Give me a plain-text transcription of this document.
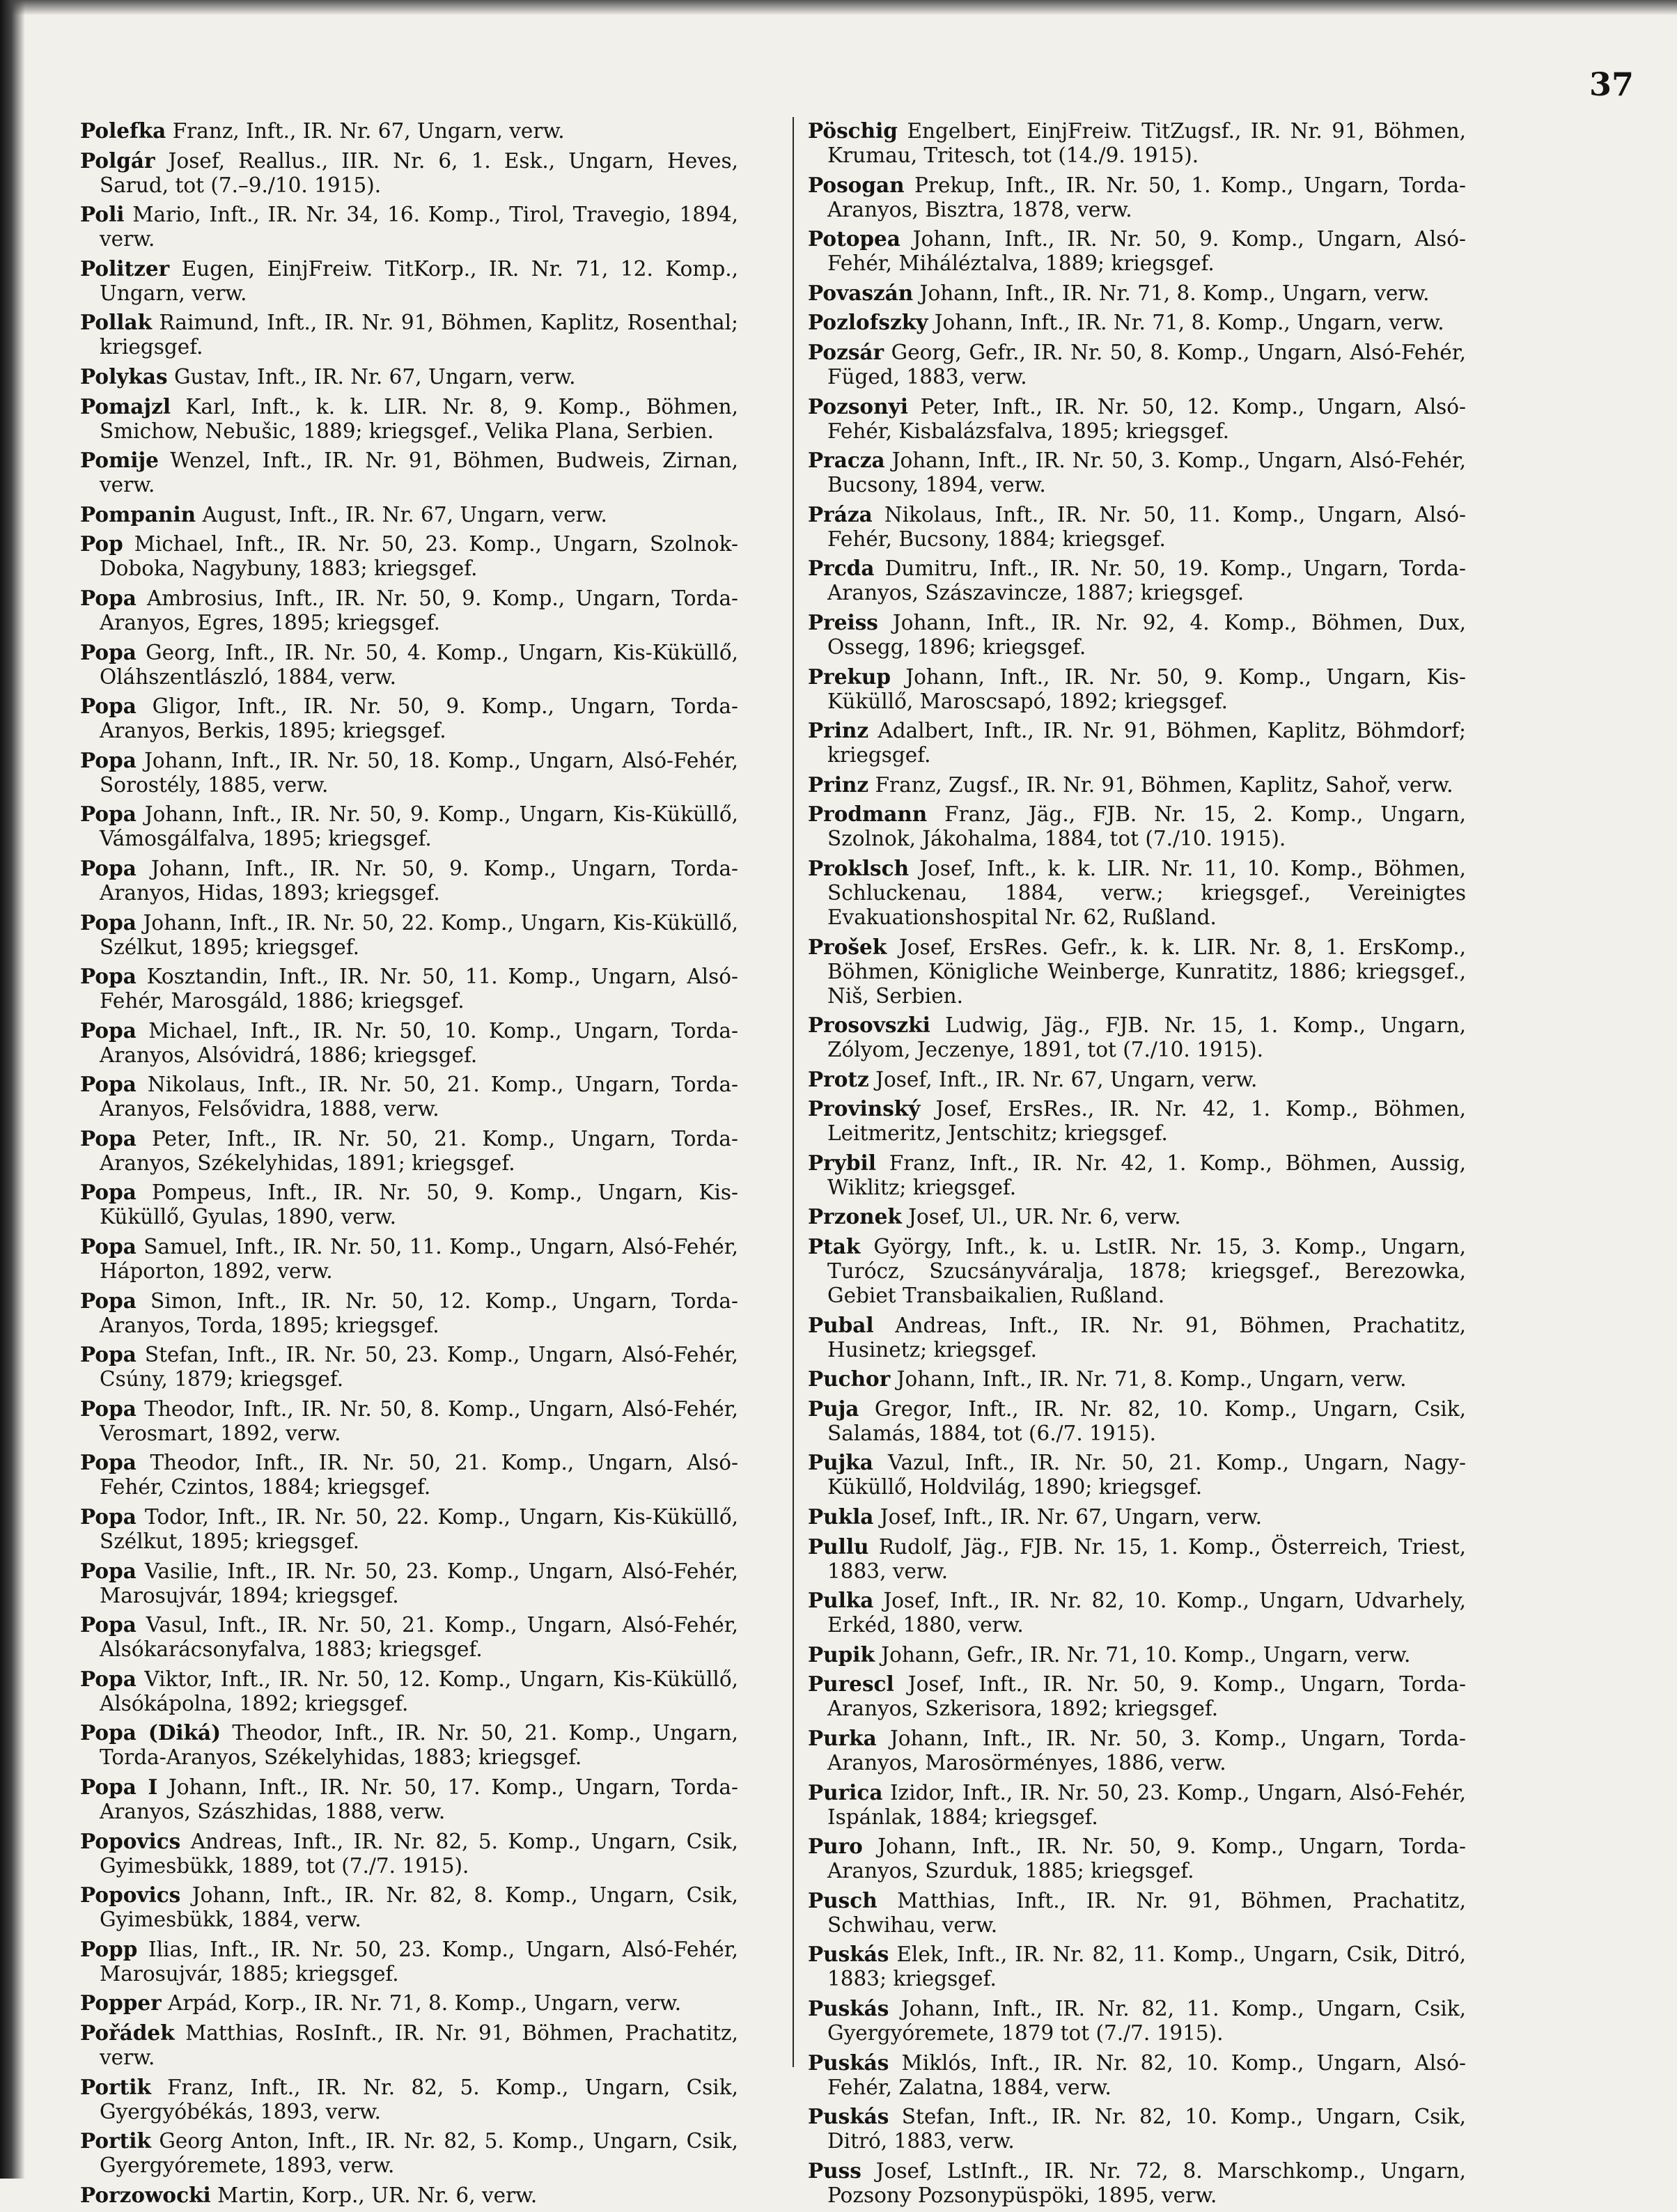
37
Polefka Franz, Inft., IR. Nr. 67, Ungarn, verw.
Polgár Josef, Reallus., IIR. Nr. 6, 1. Esk., Ungarn, Heves, Sarud, tot (7.–9./10. 1915).
Poli Mario, Inft., IR. Nr. 34, 16. Komp., Tirol, Travegio, 1894, verw.
Politzer Eugen, EinjFreiw. TitKorp., IR. Nr. 71, 12. Komp., Ungarn, verw.
Pollak Raimund, Inft., IR. Nr. 91, Böhmen, Kaplitz, Rosenthal; kriegsgef.
Polykas Gustav, Inft., IR. Nr. 67, Ungarn, verw.
Pomajzl Karl, Inft., k. k. LIR. Nr. 8, 9. Komp., Böhmen, Smichow, Nebušic, 1889; kriegsgef., Velika Plana, Serbien.
Pomije Wenzel, Inft., IR. Nr. 91, Böhmen, Budweis, Zirnan, verw.
Pompanin August, Inft., IR. Nr. 67, Ungarn, verw.
Pop Michael, Inft., IR. Nr. 50, 23. Komp., Ungarn, Szolnok-Doboka, Nagybuny, 1883; kriegsgef.
Popa Ambrosius, Inft., IR. Nr. 50, 9. Komp., Ungarn, Torda-Aranyos, Egres, 1895; kriegsgef.
Popa Georg, Inft., IR. Nr. 50, 4. Komp., Ungarn, Kis-Küküllő, Oláhszentlászló, 1884, verw.
Popa Gligor, Inft., IR. Nr. 50, 9. Komp., Ungarn, Torda-Aranyos, Berkis, 1895; kriegsgef.
Popa Johann, Inft., IR. Nr. 50, 18. Komp., Ungarn, Alsó-Fehér, Sorostély, 1885, verw.
Popa Johann, Inft., IR. Nr. 50, 9. Komp., Ungarn, Kis-Küküllő, Vámosgálfalva, 1895; kriegsgef.
Popa Johann, Inft., IR. Nr. 50, 9. Komp., Ungarn, Torda-Aranyos, Hidas, 1893; kriegsgef.
Popa Johann, Inft., IR. Nr. 50, 22. Komp., Ungarn, Kis-Küküllő, Szélkut, 1895; kriegsgef.
Popa Kosztandin, Inft., IR. Nr. 50, 11. Komp., Ungarn, Alsó-Fehér, Marosgáld, 1886; kriegsgef.
Popa Michael, Inft., IR. Nr. 50, 10. Komp., Ungarn, Torda-Aranyos, Alsóvidrá, 1886; kriegsgef.
Popa Nikolaus, Inft., IR. Nr. 50, 21. Komp., Ungarn, Torda-Aranyos, Felsővidra, 1888, verw.
Popa Peter, Inft., IR. Nr. 50, 21. Komp., Ungarn, Torda-Aranyos, Székelyhidas, 1891; kriegsgef.
Popa Pompeus, Inft., IR. Nr. 50, 9. Komp., Ungarn, Kis-Küküllő, Gyulas, 1890, verw.
Popa Samuel, Inft., IR. Nr. 50, 11. Komp., Ungarn, Alsó-Fehér, Háporton, 1892, verw.
Popa Simon, Inft., IR. Nr. 50, 12. Komp., Ungarn, Torda-Aranyos, Torda, 1895; kriegsgef.
Popa Stefan, Inft., IR. Nr. 50, 23. Komp., Ungarn, Alsó-Fehér, Csúny, 1879; kriegsgef.
Popa Theodor, Inft., IR. Nr. 50, 8. Komp., Ungarn, Alsó-Fehér, Verosmart, 1892, verw.
Popa Theodor, Inft., IR. Nr. 50, 21. Komp., Ungarn, Alsó-Fehér, Czintos, 1884; kriegsgef.
Popa Todor, Inft., IR. Nr. 50, 22. Komp., Ungarn, Kis-Küküllő, Szélkut, 1895; kriegsgef.
Popa Vasilie, Inft., IR. Nr. 50, 23. Komp., Ungarn, Alsó-Fehér, Marosujvár, 1894; kriegsgef.
Popa Vasul, Inft., IR. Nr. 50, 21. Komp., Ungarn, Alsó-Fehér, Alsókarácsonyfalva, 1883; kriegsgef.
Popa Viktor, Inft., IR. Nr. 50, 12. Komp., Ungarn, Kis-Küküllő, Alsókápolna, 1892; kriegsgef.
Popa (Diká) Theodor, Inft., IR. Nr. 50, 21. Komp., Ungarn, Torda-Aranyos, Székelyhidas, 1883; kriegsgef.
Popa I Johann, Inft., IR. Nr. 50, 17. Komp., Ungarn, Torda-Aranyos, Szászhidas, 1888, verw.
Popovics Andreas, Inft., IR. Nr. 82, 5. Komp., Ungarn, Csik, Gyimesbükk, 1889, tot (7./7. 1915).
Popovics Johann, Inft., IR. Nr. 82, 8. Komp., Ungarn, Csik, Gyimesbükk, 1884, verw.
Popp Ilias, Inft., IR. Nr. 50, 23. Komp., Ungarn, Alsó-Fehér, Marosujvár, 1885; kriegsgef.
Popper Arpád, Korp., IR. Nr. 71, 8. Komp., Ungarn, verw.
Pořádek Matthias, RosInft., IR. Nr. 91, Böhmen, Prachatitz, verw.
Portik Franz, Inft., IR. Nr. 82, 5. Komp., Ungarn, Csik, Gyergyóbékás, 1893, verw.
Portik Georg Anton, Inft., IR. Nr. 82, 5. Komp., Ungarn, Csik, Gyergyóremete, 1893, verw.
Porzowocki Martin, Korp., UR. Nr. 6, verw.
Pöschig Engelbert, EinjFreiw. TitZugsf., IR. Nr. 91, Böhmen, Krumau, Tritesch, tot (14./9. 1915).
Posogan Prekup, Inft., IR. Nr. 50, 1. Komp., Ungarn, Torda-Aranyos, Bisztra, 1878, verw.
Potopea Johann, Inft., IR. Nr. 50, 9. Komp., Ungarn, Alsó-Fehér, Miháléztalva, 1889; kriegsgef.
Povaszán Johann, Inft., IR. Nr. 71, 8. Komp., Ungarn, verw.
Pozlofszky Johann, Inft., IR. Nr. 71, 8. Komp., Ungarn, verw.
Pozsár Georg, Gefr., IR. Nr. 50, 8. Komp., Ungarn, Alsó-Fehér, Füged, 1883, verw.
Pozsonyi Peter, Inft., IR. Nr. 50, 12. Komp., Ungarn, Alsó-Fehér, Kisbalázsfalva, 1895; kriegsgef.
Pracza Johann, Inft., IR. Nr. 50, 3. Komp., Ungarn, Alsó-Fehér, Bucsony, 1894, verw.
Práza Nikolaus, Inft., IR. Nr. 50, 11. Komp., Ungarn, Alsó-Fehér, Bucsony, 1884; kriegsgef.
Prcda Dumitru, Inft., IR. Nr. 50, 19. Komp., Ungarn, Torda-Aranyos, Szászavincze, 1887; kriegsgef.
Preiss Johann, Inft., IR. Nr. 92, 4. Komp., Böhmen, Dux, Ossegg, 1896; kriegsgef.
Prekup Johann, Inft., IR. Nr. 50, 9. Komp., Ungarn, Kis-Küküllő, Maroscsapó, 1892; kriegsgef.
Prinz Adalbert, Inft., IR. Nr. 91, Böhmen, Kaplitz, Böhmdorf; kriegsgef.
Prinz Franz, Zugsf., IR. Nr. 91, Böhmen, Kaplitz, Sahoř, verw.
Prodmann Franz, Jäg., FJB. Nr. 15, 2. Komp., Ungarn, Szolnok, Jákohalma, 1884, tot (7./10. 1915).
Proklsch Josef, Inft., k. k. LIR. Nr. 11, 10. Komp., Böhmen, Schluckenau, 1884, verw.; kriegsgef., Vereinigtes Evakuationshospital Nr. 62, Rußland.
Prošek Josef, ErsRes. Gefr., k. k. LIR. Nr. 8, 1. ErsKomp., Böhmen, Königliche Weinberge, Kunratitz, 1886; kriegsgef., Niš, Serbien.
Prosovszki Ludwig, Jäg., FJB. Nr. 15, 1. Komp., Ungarn, Zólyom, Jeczenye, 1891, tot (7./10. 1915).
Protz Josef, Inft., IR. Nr. 67, Ungarn, verw.
Provinský Josef, ErsRes., IR. Nr. 42, 1. Komp., Böhmen, Leitmeritz, Jentschitz; kriegsgef.
Prybil Franz, Inft., IR. Nr. 42, 1. Komp., Böhmen, Aussig, Wiklitz; kriegsgef.
Przonek Josef, Ul., UR. Nr. 6, verw.
Ptak György, Inft., k. u. LstIR. Nr. 15, 3. Komp., Ungarn, Turócz, Szucsányváralja, 1878; kriegsgef., Berezowka, Gebiet Transbaikalien, Rußland.
Pubal Andreas, Inft., IR. Nr. 91, Böhmen, Prachatitz, Husinetz; kriegsgef.
Puchor Johann, Inft., IR. Nr. 71, 8. Komp., Ungarn, verw.
Puja Gregor, Inft., IR. Nr. 82, 10. Komp., Ungarn, Csik, Salamás, 1884, tot (6./7. 1915).
Pujka Vazul, Inft., IR. Nr. 50, 21. Komp., Ungarn, Nagy-Küküllő, Holdvilág, 1890; kriegsgef.
Pukla Josef, Inft., IR. Nr. 67, Ungarn, verw.
Pullu Rudolf, Jäg., FJB. Nr. 15, 1. Komp., Österreich, Triest, 1883, verw.
Pulka Josef, Inft., IR. Nr. 82, 10. Komp., Ungarn, Udvarhely, Erkéd, 1880, verw.
Pupik Johann, Gefr., IR. Nr. 71, 10. Komp., Ungarn, verw.
Purescl Josef, Inft., IR. Nr. 50, 9. Komp., Ungarn, Torda-Aranyos, Szkerisora, 1892; kriegsgef.
Purka Johann, Inft., IR. Nr. 50, 3. Komp., Ungarn, Torda-Aranyos, Marosörményes, 1886, verw.
Purica Izidor, Inft., IR. Nr. 50, 23. Komp., Ungarn, Alsó-Fehér, Ispánlak, 1884; kriegsgef.
Puro Johann, Inft., IR. Nr. 50, 9. Komp., Ungarn, Torda-Aranyos, Szurduk, 1885; kriegsgef.
Pusch Matthias, Inft., IR. Nr. 91, Böhmen, Prachatitz, Schwihau, verw.
Puskás Elek, Inft., IR. Nr. 82, 11. Komp., Ungarn, Csik, Ditró, 1883; kriegsgef.
Puskás Johann, Inft., IR. Nr. 82, 11. Komp., Ungarn, Csik, Gyergyóremete, 1879 tot (7./7. 1915).
Puskás Miklós, Inft., IR. Nr. 82, 10. Komp., Ungarn, Alsó-Fehér, Zalatna, 1884, verw.
Puskás Stefan, Inft., IR. Nr. 82, 10. Komp., Ungarn, Csik, Ditró, 1883, verw.
Puss Josef, LstInft., IR. Nr. 72, 8. Marschkomp., Ungarn, Pozsony Pozsonypüspöki, 1895, verw.
